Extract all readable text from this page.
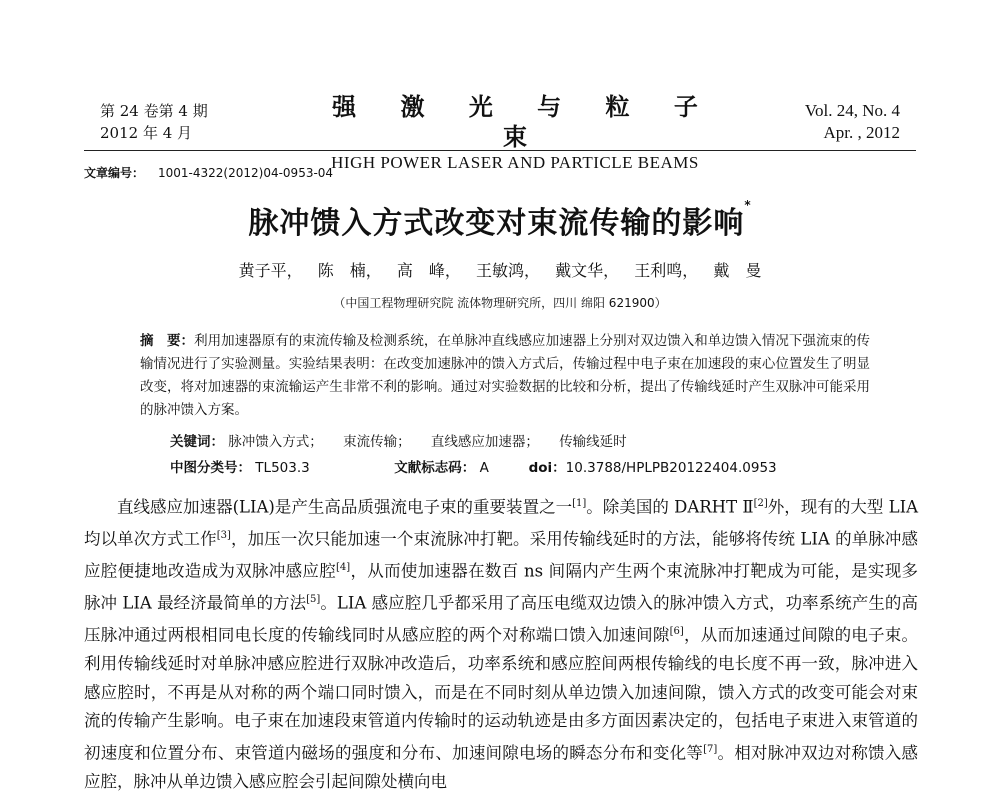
第 24 卷第 4 期
2012 年 4 月
强 激 光 与 粒 子 束
HIGH POWER LASER AND PARTICLE BEAMS
Vol. 24, No. 4
Apr. , 2012
文章编号： 1001-4322(2012)04-0953-04
脉冲馈入方式改变对束流传输的影响*
黄子平， 陈　楠， 高　峰， 王敏鸿， 戴文华， 王利鸣， 戴　曼
（中国工程物理研究院 流体物理研究所，四川 绵阳 621900）
摘　要：利用加速器原有的束流传输及检测系统，在单脉冲直线感应加速器上分别对双边馈入和单边馈入情况下强流束的传输情况进行了实验测量。实验结果表明：在改变加速脉冲的馈入方式后，传输过程中电子束在加速段的束心位置发生了明显改变，将对加速器的束流输运产生非常不利的影响。通过对实验数据的比较和分析，提出了传输线延时产生双脉冲可能采用的脉冲馈入方案。
关键词： 脉冲馈入方式； 束流传输； 直线感应加速器； 传输线延时
中图分类号： TL503.3	文献标志码： A	doi：10.3788/HPLPB20122404.0953
直线感应加速器(LIA)是产生高品质强流电子束的重要装置之一[1]。除美国的 DARHT Ⅱ[2]外，现有的大型 LIA 均以单次方式工作[3]，加压一次只能加速一个束流脉冲打靶。采用传输线延时的方法，能够将传统 LIA 的单脉冲感应腔便捷地改造成为双脉冲感应腔[4]，从而使加速器在数百 ns 间隔内产生两个束流脉冲打靶成为可能，是实现多脉冲 LIA 最经济最简单的方法[5]。LIA 感应腔几乎都采用了高压电缆双边馈入的脉冲馈入方式，功率系统产生的高压脉冲通过两根相同电长度的传输线同时从感应腔的两个对称端口馈入加速间隙[6]，从而加速通过间隙的电子束。利用传输线延时对单脉冲感应腔进行双脉冲改造后，功率系统和感应腔间两根传输线的电长度不再一致，脉冲进入感应腔时，不再是从对称的两个端口同时馈入，而是在不同时刻从单边馈入加速间隙，馈入方式的改变可能会对束流的传输产生影响。电子束在加速段束管道内传输时的运动轨迹是由多方面因素决定的，包括电子束进入束管道的初速度和位置分布、束管道内磁场的强度和分布、加速间隙电场的瞬态分布和变化等[7]。相对脉冲双边对称馈入感应腔，脉冲从单边馈入感应腔会引起间隙处横向电
